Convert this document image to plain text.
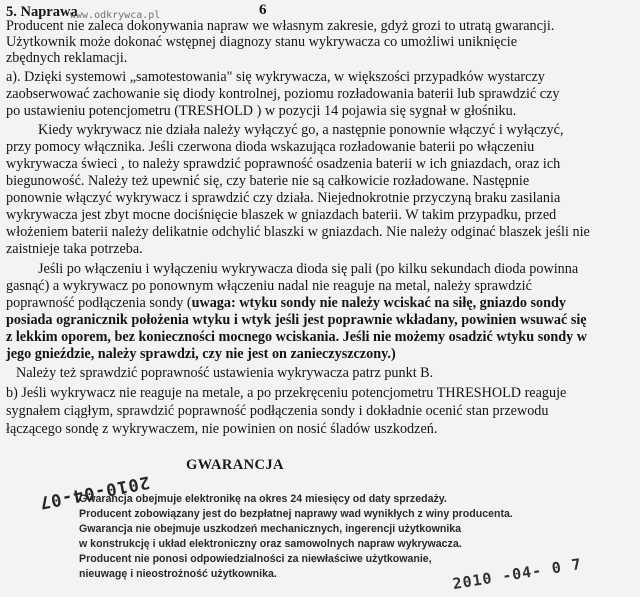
5. Naprawa	6
www.odkrywca.pl
Producent nie zaleca dokonywania napraw we własnym zakresie, gdyż grozi to utratą gwarancji.
Użytkownik może dokonać wstępnej diagnozy stanu wykrywacza co umożliwi uniknięcie
zbędnych reklamacji.
a). Dzięki systemowi „samotestowania" się wykrywacza, w większości przypadków wystarczy
zaobserwować zachowanie się diody kontrolnej, poziomu rozładowania baterii lub sprawdzić czy
po ustawieniu potencjometru (TRESHOLD ) w pozycji 14 pojawia się sygnał w głośniku.
Kiedy wykrywacz nie działa należy wyłączyć go, a następnie ponownie włączyć i wyłączyć,
przy pomocy włącznika. Jeśli czerwona dioda wskazująca rozładowanie baterii po włączeniu
wykrywacza świeci , to należy sprawdzić poprawność osadzenia baterii w ich gniazdach, oraz ich
biegunowość. Należy też upewnić się, czy baterie nie są całkowicie rozładowane. Następnie
ponownie włączyć wykrywacz i sprawdzić czy działa. Niejednokrotnie przyczyną braku zasilania
wykrywacza jest zbyt mocne dociśnięcie blaszek w gniazdach baterii. W takim przypadku, przed
włożeniem baterii należy delikatnie odchylić blaszki w gniazdach. Nie należy odginać blaszek jeśli nie
zaistnieje taka potrzeba.
Jeśli po włączeniu i wyłączeniu wykrywacza dioda się pali (po kilku sekundach dioda powinna
gasnąć) a wykrywacz po ponownym włączeniu nadal nie reaguje na metal, należy sprawdzić
poprawność podłączenia sondy (uwaga: wtyku sondy nie należy wciskać na siłę, gniazdo sondy
posiada ogranicznik położenia wtyku i wtyk jeśli jest poprawnie wkładany, powinien wsuwać się
z lekkim oporem, bez konieczności mocnego wciskania. Jeśli nie możemy osadzić wtyku sondy w
jego gnieździe, należy sprawdzi, czy nie jest on zanieczyszczony.)
Należy też sprawdzić poprawność ustawienia wykrywacza patrz punkt B.
b) Jeśli wykrywacz nie reaguje na metale, a po przekręceniu potencjometru THRESHOLD reaguje
sygnałem ciągłym, sprawdzić poprawność podłączenia sondy i dokładnie ocenić stan przewodu
łączącego sondę z wykrywaczem, nie powinien on nosić śladów uszkodzeń.
GWARANCJA
Gwarancja obejmuje elektronikę na okres 24 miesięcy od daty sprzedaży.
Producent zobowiązany jest do bezpłatnej naprawy wad wynikłych z winy producenta.
Gwarancja nie obejmuje uszkodzeń mechanicznych, ingerencji użytkownika
w konstrukcję i układ elektroniczny oraz samowolnych napraw wykrywacza.
Producent nie ponosi odpowiedzialności za niewłaściwe użytkowanie,
nieuwagę i nieostrożność użytkownika.
2010-04-07
2010 -04- 0 7
